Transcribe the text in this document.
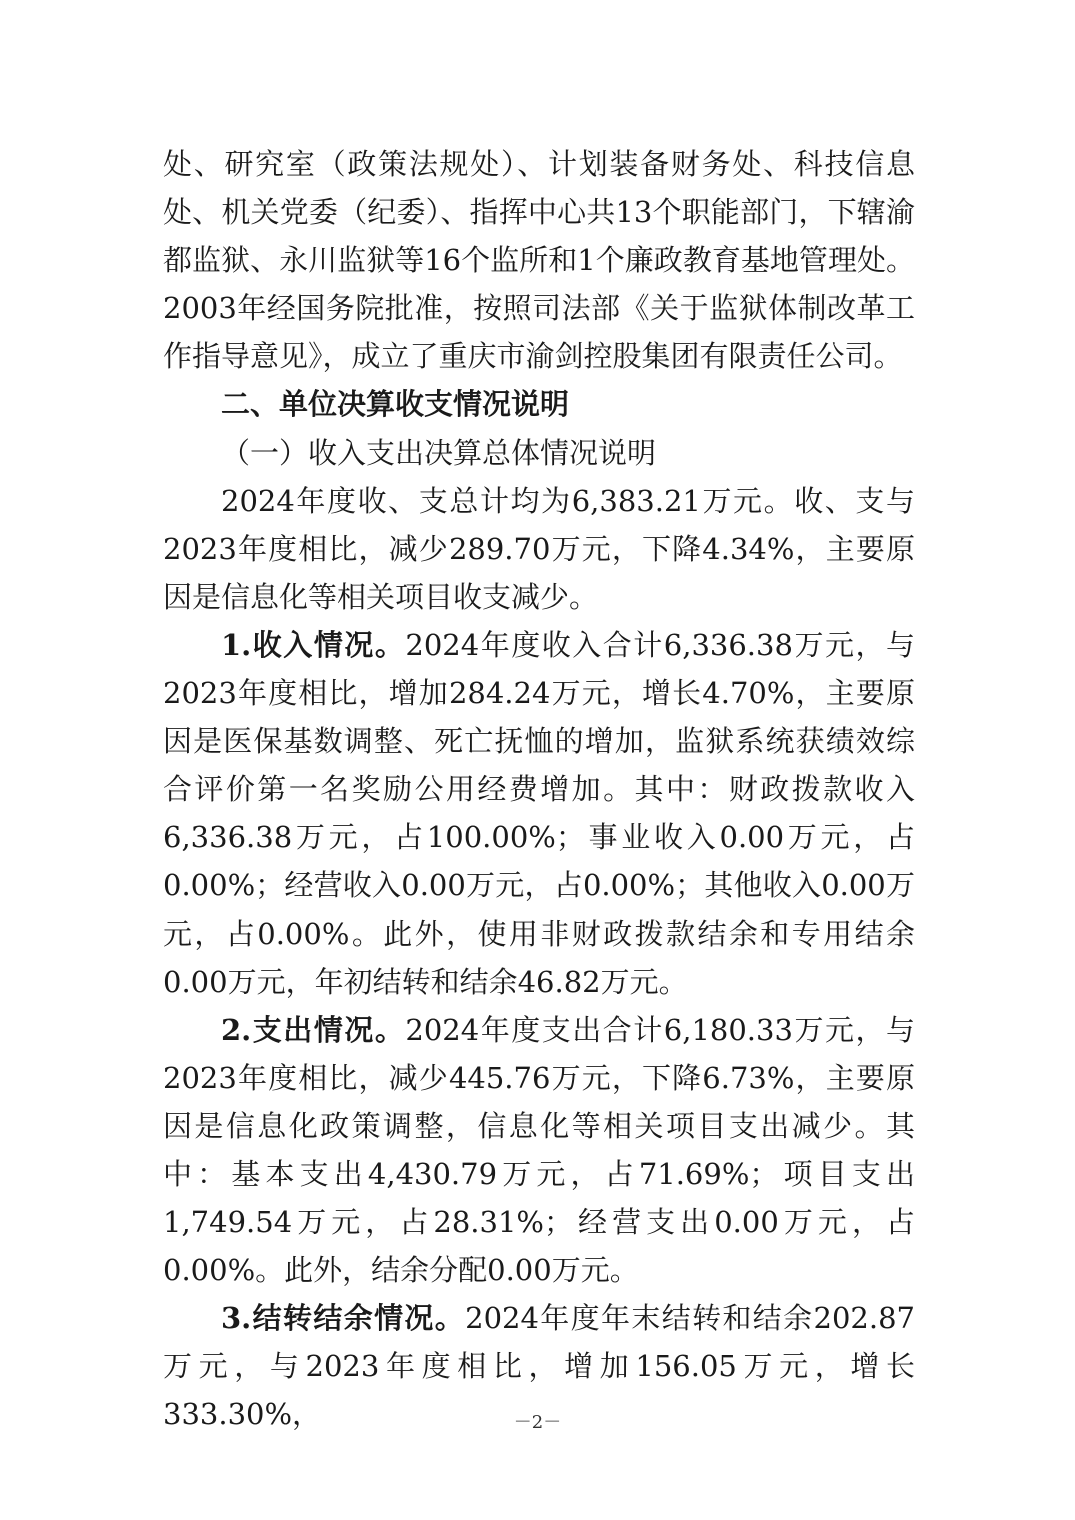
处、研究室（政策法规处）、计划装备财务处、科技信息处、机关党委（纪委）、指挥中心共13个职能部门，下辖渝都监狱、永川监狱等16个监所和1个廉政教育基地管理处。2003年经国务院批准，按照司法部《关于监狱体制改革工作指导意见》，成立了重庆市渝剑控股集团有限责任公司。

二、单位决算收支情况说明

（一）收入支出决算总体情况说明

2024年度收、支总计均为6,383.21万元。收、支与2023年度相比，减少289.70万元，下降4.34%，主要原因是信息化等相关项目收支减少。

1.收入情况。2024年度收入合计6,336.38万元，与2023年度相比，增加284.24万元，增长4.70%，主要原因是医保基数调整、死亡抚恤的增加，监狱系统获绩效综合评价第一名奖励公用经费增加。其中：财政拨款收入6,336.38万元，占100.00%；事业收入0.00万元，占0.00%；经营收入0.00万元，占0.00%；其他收入0.00万元，占0.00%。此外，使用非财政拨款结余和专用结余0.00万元，年初结转和结余46.82万元。

2.支出情况。2024年度支出合计6,180.33万元，与2023年度相比，减少445.76万元，下降6.73%，主要原因是信息化政策调整，信息化等相关项目支出减少。其中：基本支出4,430.79万元，占71.69%；项目支出1,749.54万元，占28.31%；经营支出0.00万元，占0.00%。此外，结余分配0.00万元。

3.结转结余情况。2024年度年末结转和结余202.87万元，与2023年度相比，增加156.05万元，增长333.30%，	－2－
